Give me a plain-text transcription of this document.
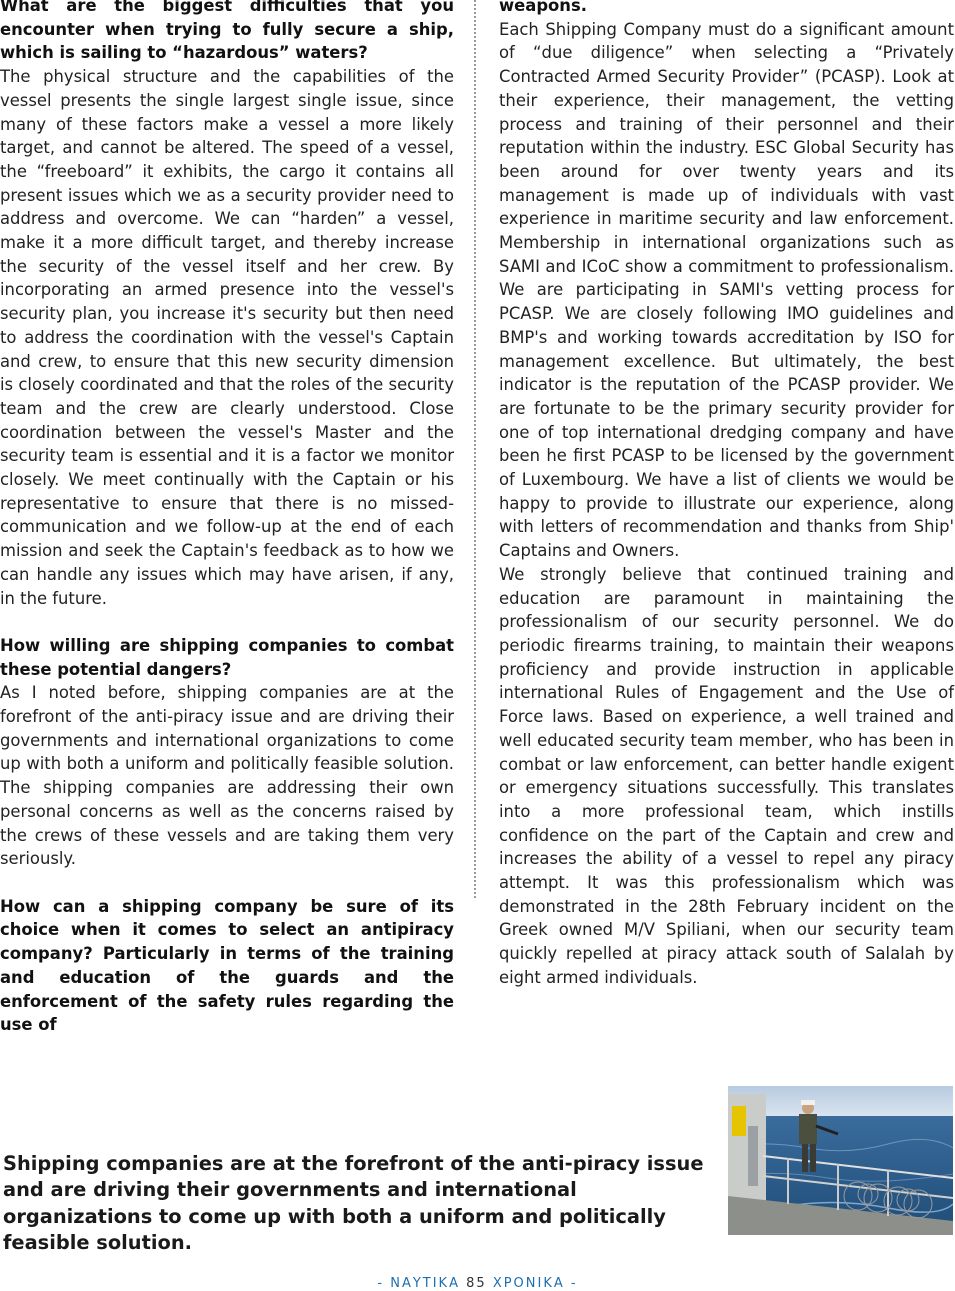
What are the biggest difficulties that you encounter when trying to fully secure a ship, which is sailing to “hazardous” waters?

The physical structure and the capabilities of the vessel presents the single largest single issue, since many of these factors make a vessel a more likely target, and cannot be altered. The speed of a vessel, the “freeboard” it exhibits, the cargo it contains all present issues which we as a security provider need to address and overcome. We can “harden” a vessel, make it a more difficult target, and thereby increase the security of the vessel itself and her crew. By incorporating an armed presence into the vessel's security plan, you increase it's security but then need to address the coordination with the vessel's Captain and crew, to ensure that this new security dimension is closely coordinated and that the roles of the security team and the crew are clearly understood. Close coordination between the vessel's Master and the security team is essential and it is a factor we monitor closely. We meet continually with the Captain or his representative to ensure that there is no missed-communication and we follow-up at the end of each mission and seek the Captain's feedback as to how we can handle any issues which may have arisen, if any, in the future.

How willing are shipping companies to combat these potential dangers?

As I noted before, shipping companies are at the forefront of the anti-piracy issue and are driving their governments and international organizations to come up with both a uniform and politically feasible solution. The shipping companies are addressing their own personal concerns as well as the concerns raised by the crews of these vessels and are taking them very seriously.

How can a shipping company be sure of its choice when it comes to select an antipiracy company? Particularly in terms of the training and education of the guards and the enforcement of the safety rules regarding the use of

weapons.

Each Shipping Company must do a significant amount of “due diligence” when selecting a “Privately Contracted Armed Security Provider” (PCASP). Look at their experience, their management, the vetting process and training of their personnel and their reputation within the industry. ESC Global Security has been around for over twenty years and its management is made up of individuals with vast experience in maritime security and law enforcement. Membership in international organizations such as SAMI and ICoC show a commitment to professionalism. We are participating in SAMI's vetting process for PCASP. We are closely following IMO guidelines and BMP's and working towards accreditation by ISO for management excellence. But ultimately, the best indicator is the reputation of the PCASP provider. We are fortunate to be the primary security provider for one of top international dredging company and have been he first PCASP to be licensed by the government of Luxembourg. We have a list of clients we would be happy to provide to illustrate our experience, along with letters of recommendation and thanks from Ship' Captains and Owners.

We strongly believe that continued training and education are paramount in maintaining the professionalism of our security personnel. We do periodic firearms training, to maintain their weapons proficiency and provide instruction in applicable international Rules of Engagement and the Use of Force laws. Based on experience, a well trained and well educated security team member, who has been in combat or law enforcement, can better handle exigent or emergency situations successfully. This translates into a more professional team, which instills confidence on the part of the Captain and crew and increases the ability of a vessel to repel any piracy attempt. It was this professionalism which was demonstrated in the 28th February incident on the Greek owned M/V Spiliani, when our security team quickly repelled at piracy attack south of Salalah by eight armed individuals.

Shipping companies are at the forefront of the anti-piracy issue and are driving their governments and international organizations to come up with both a uniform and politically feasible solution.
- ΝΑΥΤΙΚΑ 85 ΧΡΟΝΙΚΑ -
